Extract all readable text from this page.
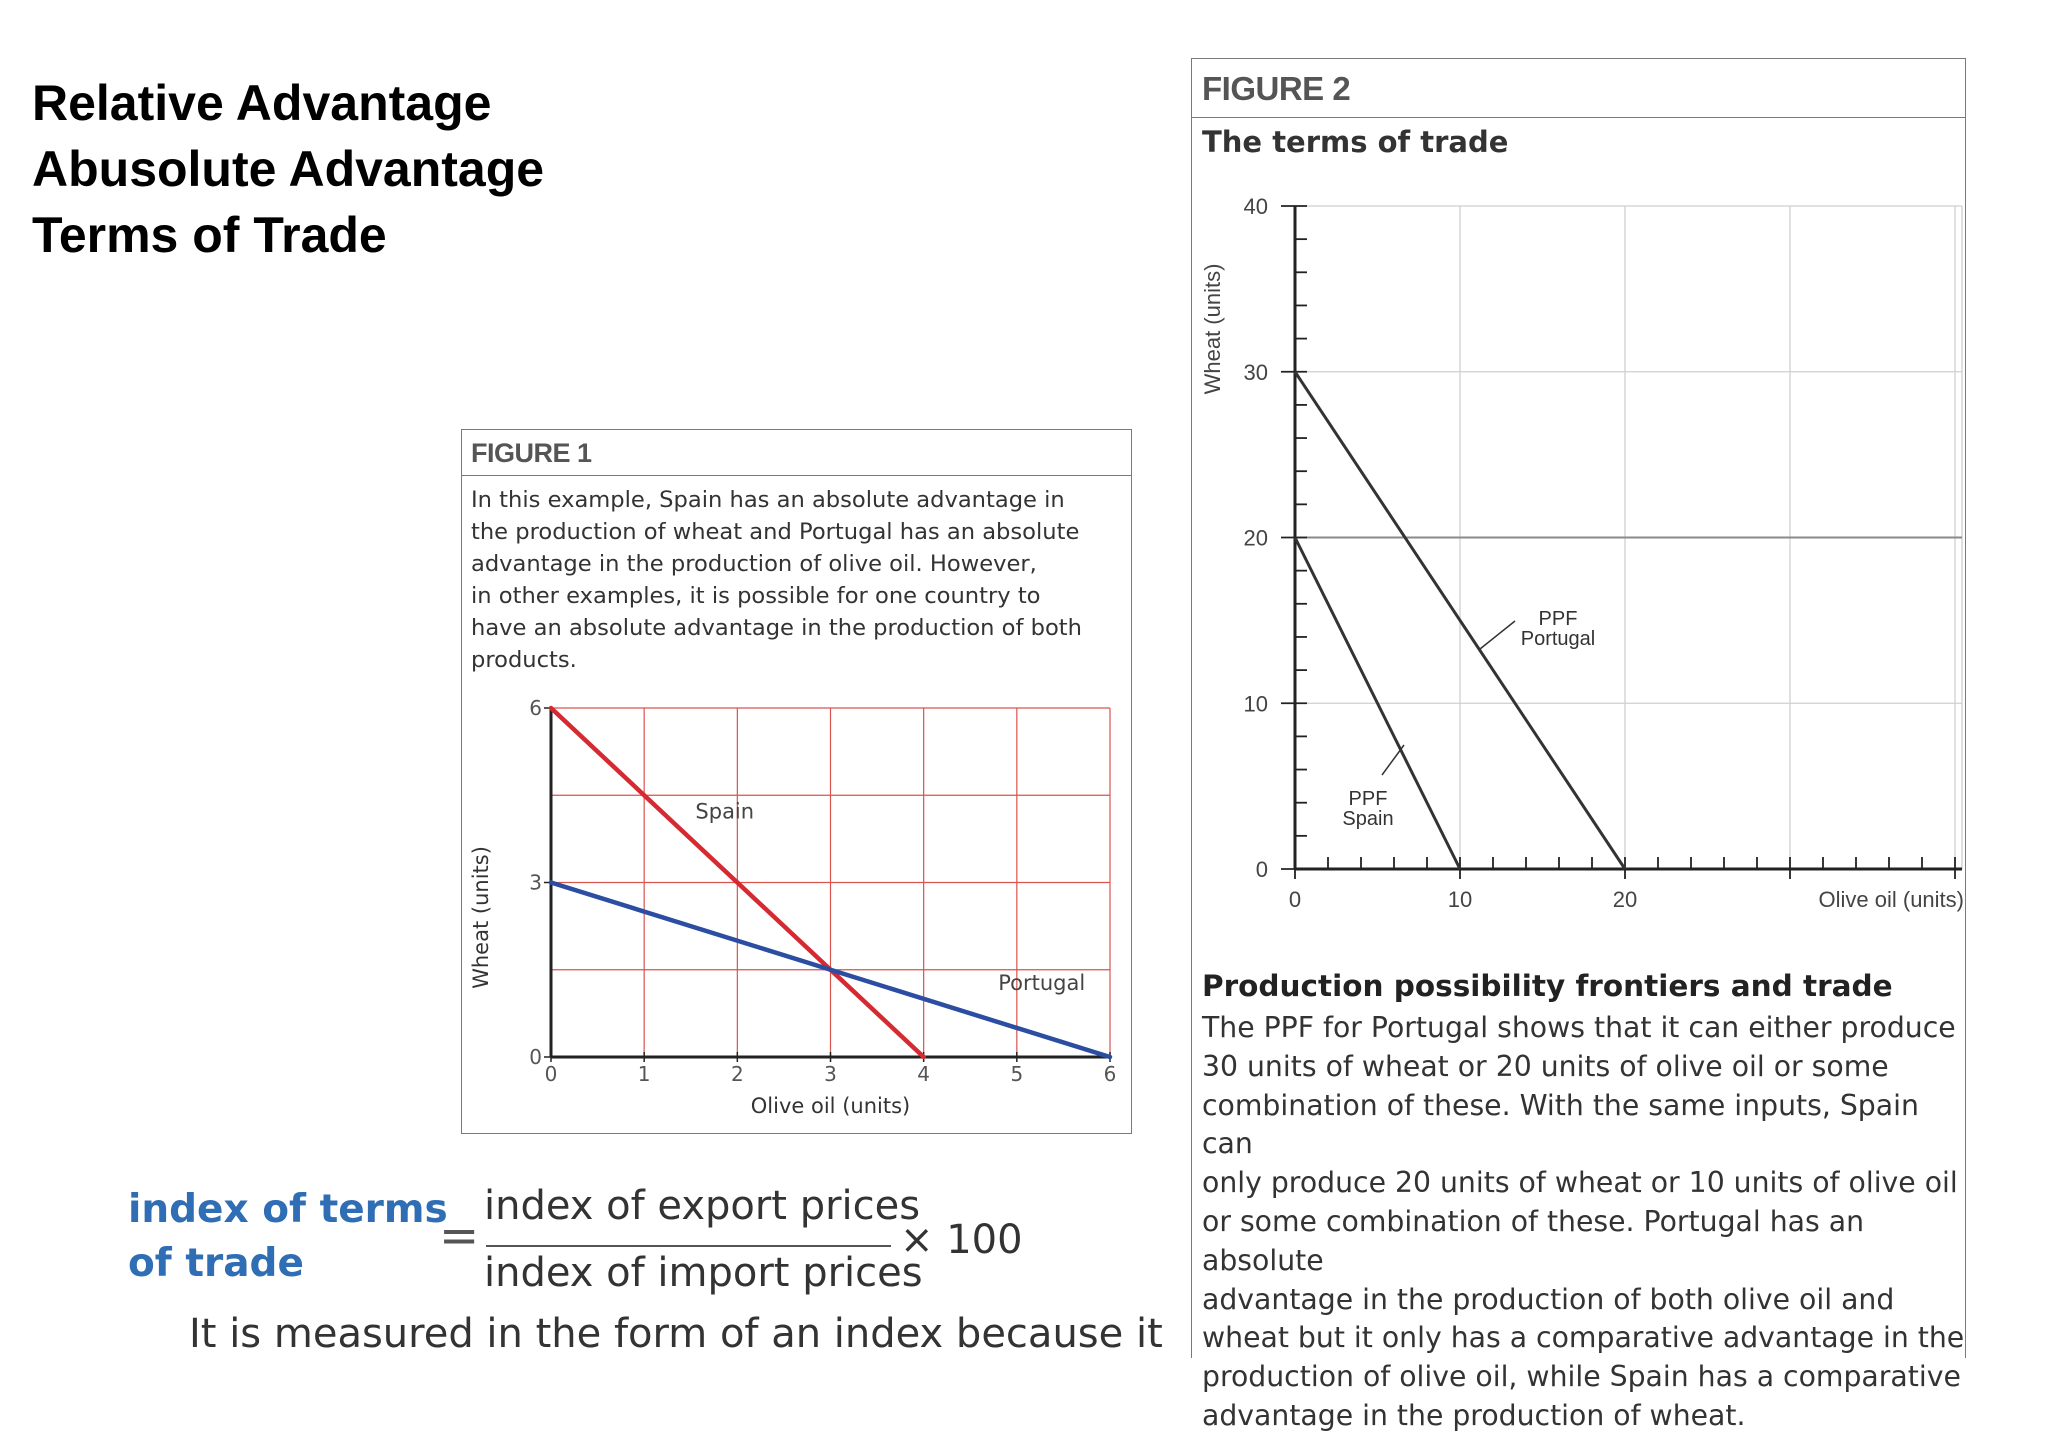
Relative Advantage
Abusolute Advantage
Terms of Trade
FIGURE 1
In this example, Spain has an absolute advantage in
the production of wheat and Portugal has an absolute
advantage in the production of olive oil. However,
in other examples, it is possible for one country to
have an absolute advantage in the production of both
products.
0	1	2	3	4	5	6
0
3
6
Olive oil (units)
Wheat (units)
Spain
Portugal
FIGURE 2
The terms of trade
0
10
20
30
40
0	10	20	Olive oil (units)
Wheat (units)
PPF
Portugal
PPF
Spain
Production possibility frontiers and trade
The PPF for Portugal shows that it can either produce
30 units of wheat or 20 units of olive oil or some
combination of these. With the same inputs, Spain can
only produce 20 units of wheat or 10 units of olive oil
or some combination of these. Portugal has an absolute
advantage in the production of both olive oil and
wheat but it only has a comparative advantage in the
production of olive oil, while Spain has a comparative
advantage in the production of wheat.
index of terms
of trade	=
index of export prices
index of import prices
× 100
It is measured in the form of an index because it
